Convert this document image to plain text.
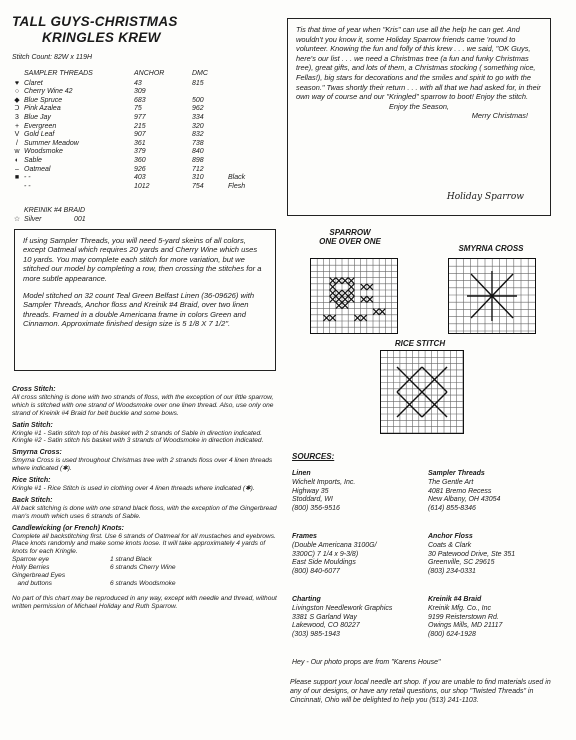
TALL GUYS-CHRISTMAS
KRINGLES KREW
Stitch Count: 82W x 119H
SAMPLER THREADS	ANCHOR	DMC
♥ Claret	43	815
○ Cherry Wine 42	309
◆ Blue Spruce	683	500
Ↄ Pink Azalea	75	962
3 Blue Jay	977	334
+ Evergreen	215	320
V Gold Leaf	907	832
/ Summer Meadow	361	738
w Woodsmoke	379	840
◐ Sable	360	898
– Oatmeal	926	712
■ - -	403	310	Black
- -	1012	754	Flesh
KREINIK #4 BRAID
☆ Silver	001

If using Sampler Threads, you will need 5-yard skeins of all colors, except Oatmeal which requires 20 yards and Cherry Wine which uses 10 yards. You may complete each stitch for more variation, but we stitched our model by completing a row, then crossing the stitches for a more subtle appearance.

Model stitched on 32 count Teal Green Belfast Linen (36-09626) with Sampler Threads, Anchor floss and Kreinik #4 Braid, over two linen threads. Framed in a double Americana frame in colors Green and Cinnamon. Approximate finished design size is 5 1/8 X 7 1/2".

Cross Stitch:

All cross stitching is done with two strands of floss, with the exception of our little sparrow, which is stitched with one strand of Woodsmoke over one linen thread. Also, use only one strand of Kreinik #4 Braid for belt buckle and some bows.

Satin Stitch:

Kringle #1 - Satin stitch top of his basket with 2 strands of Sable in direction indicated. Kringle #2 - Satin stitch his basket with 3 strands of Woodsmoke in direction indicated.

Smyrna Cross:

Smyrna Cross is used throughout Christmas tree with 2 strands floss over 4 linen threads where indicated (✱).

Rice Stitch:

Kringle #1 - Rice Stitch is used in clothing over 4 linen threads where indicated (✱).

Back Stitch:

All back stitching is done with one strand black floss, with the exception of the Gingerbread man's mouth which uses 6 strands of Sable.

Candlewicking (or French) Knots:

Complete all backstitching first. Use 6 strands of Oatmeal for all mustaches and eyebrows. Place knots randomly and make some knots loose. It will take approximately 4 yards of knots for each Kringle.

Sparrow eye	1 strand Black
Holly Berries	6 strands Cherry Wine
Gingerbread Eyes
and buttons	6 strands Woodsmoke

No part of this chart may be reproduced in any way, except with needle and thread, without written permission of Michael Holiday and Ruth Sparrow.

Tis that time of year when "Kris" can use all the help he can get. And wouldn't you know it, some Holiday Sparrow friends came 'round to volunteer. Knowing the fun and folly of this krew . . . we said, "OK Guys, here's our list . . . we need a Christmas tree (a fun and funky Christmas tree), great gifts, and lots of them, a Christmas stocking ( something nice, Fellas!), big stars for decorations and the smiles and spirit to go with the season." Twas shortly their return . . . with all that we had asked for, in their own way of course and our "Kringled" sparrow to boot! Enjoy the stitch.
Enjoy the Season,
Merry Christmas!
Holiday Sparrow
SPARROW
ONE OVER ONE
SMYRNA CROSS
RICE STITCH
SOURCES:
Linen
Wichelt Imports, Inc.
Highway 35
Stoddard, WI
(800) 356-9516
Sampler Threads
The Gentle Art
4081 Bremo Recess
New Albany, OH 43054
(614) 855-8346
Frames
(Double Americana 3100G/
3300C) 7 1/4 x 9-3/8)
East Side Mouldings
(800) 840-6077
Anchor Floss
Coats & Clark
30 Patewood Drive, Ste 351
Greenville, SC 29615
(803) 234-0331
Charting
Livingston Needlework Graphics
3381 S Garland Way
Lakewood, CO 80227
(303) 985-1943
Kreinik #4 Braid
Kreinik Mfg. Co., Inc
9199 Reisterstown Rd.
Owings Mills, MD 21117
(800) 624-1928
Hey - Our photo props are from "Karens House"
Please support your local needle art shop. If you are unable to find materials used in any of our designs, or have any retail questions, our shop "Twisted Threads" in Cincinnati, Ohio will be delighted to help you (513) 241-1103.
